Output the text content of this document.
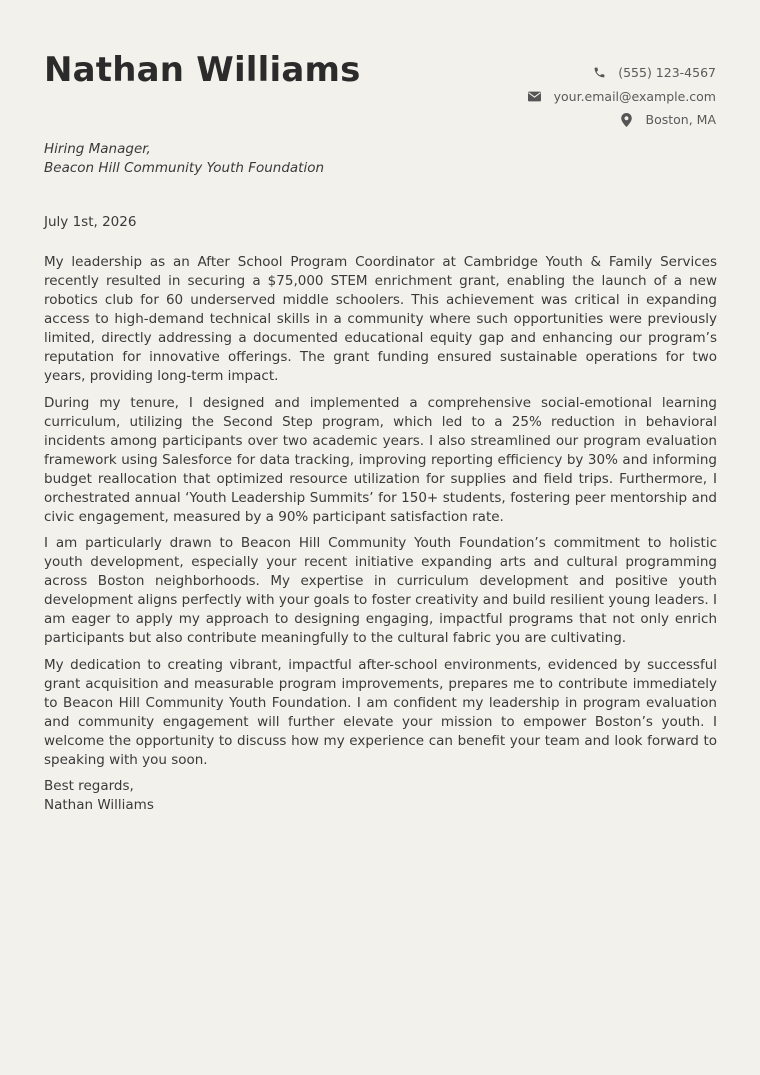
Nathan Williams	(555) 123-4567
your.email@example.com
Boston, MA
Hiring Manager,
Beacon Hill Community Youth Foundation
July 1st, 2026

My leadership as an After School Program Coordinator at Cambridge Youth & Family Services recently resulted in securing a $75,000 STEM enrichment grant, enabling the launch of a new robotics club for 60 underserved middle schoolers. This achievement was critical in expanding access to high-demand technical skills in a community where such opportunities were previously limited, directly addressing a documented educational equity gap and enhancing our program’s reputation for innovative offerings. The grant funding ensured sustainable operations for two years, providing long-term impact.

During my tenure, I designed and implemented a comprehensive social-emotional learning curriculum, utilizing the Second Step program, which led to a 25% reduction in behavioral incidents among participants over two academic years. I also streamlined our program evaluation framework using Salesforce for data tracking, improving reporting efficiency by 30% and informing budget reallocation that optimized resource utilization for supplies and field trips. Furthermore, I orchestrated annual ‘Youth Leadership Summits’ for 150+ students, fostering peer mentorship and civic engagement, measured by a 90% participant satisfaction rate.

I am particularly drawn to Beacon Hill Community Youth Foundation’s commitment to holistic youth development, especially your recent initiative expanding arts and cultural programming across Boston neighborhoods. My expertise in curriculum development and positive youth development aligns perfectly with your goals to foster creativity and build resilient young leaders. I am eager to apply my approach to designing engaging, impactful programs that not only enrich participants but also contribute meaningfully to the cultural fabric you are cultivating.

My dedication to creating vibrant, impactful after-school environments, evidenced by successful grant acquisition and measurable program improvements, prepares me to contribute immediately to Beacon Hill Community Youth Foundation. I am confident my leadership in program evaluation and community engagement will further elevate your mission to empower Boston’s youth. I welcome the opportunity to discuss how my experience can benefit your team and look forward to speaking with you soon.

Best regards,
Nathan Williams
